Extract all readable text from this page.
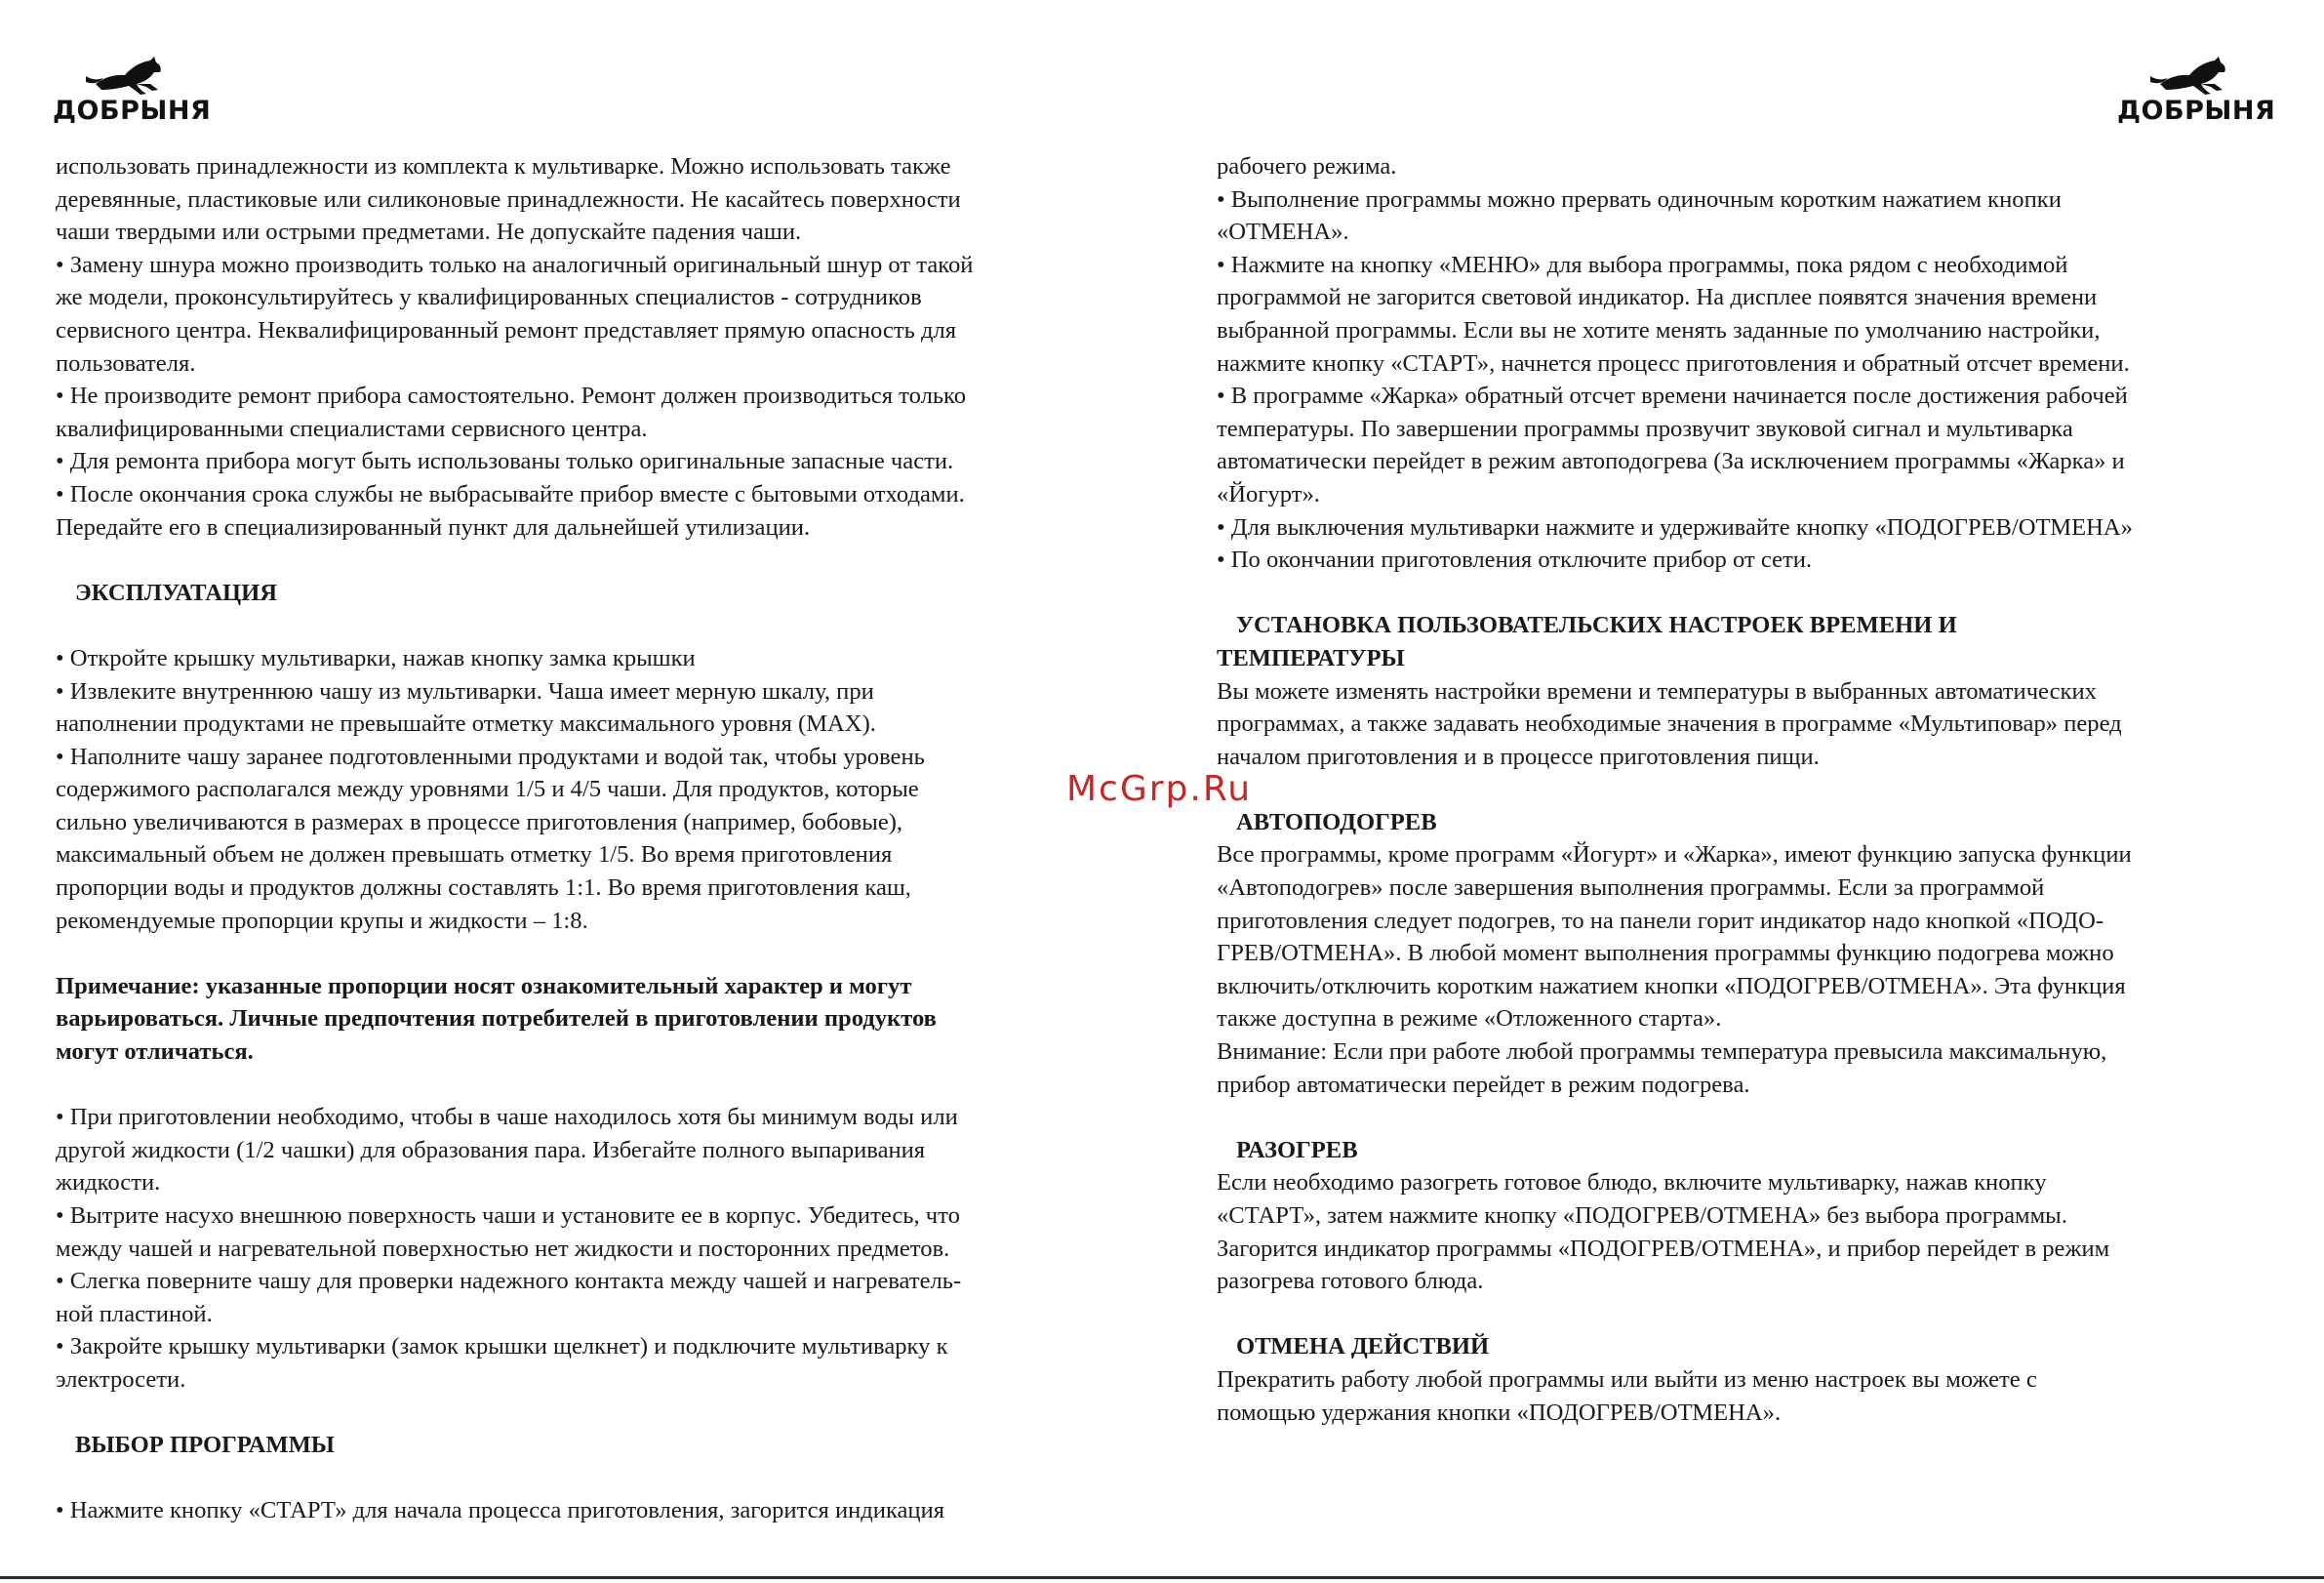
ДОБРЫНЯ	ДОБРЫНЯ
McGrp.Ru
использовать принадлежности из комплекта к мультиварке. Можно использовать также
деревянные, пластиковые или силиконовые принадлежности. Не касайтесь поверхности
чаши твердыми или острыми предметами. Не допускайте падения чаши.
• Замену шнура можно производить только на аналогичный оригинальный шнур от такой
же модели, проконсультируйтесь у квалифицированных специалистов - сотрудников
сервисного центра. Неквалифицированный ремонт представляет прямую опасность для
пользователя.
• Не производите ремонт прибора самостоятельно. Ремонт должен производиться только
квалифицированными специалистами сервисного центра.
• Для ремонта прибора могут быть использованы только оригинальные запасные части.
• После окончания срока службы не выбрасывайте прибор вместе с бытовыми отходами.
Передайте его в специализированный пункт для дальнейшей утилизации.
ЭКСПЛУАТАЦИЯ
• Откройте крышку мультиварки, нажав кнопку замка крышки
• Извлеките внутреннюю чашу из мультиварки. Чаша имеет мерную шкалу, при
наполнении продуктами не превышайте отметку максимального уровня (MAX).
• Наполните чашу заранее подготовленными продуктами и водой так, чтобы уровень
содержимого располагался между уровнями 1/5 и 4/5 чаши. Для продуктов, которые
сильно увеличиваются в размерах в процессе приготовления (например, бобовые),
максимальный объем не должен превышать отметку 1/5. Во время приготовления
пропорции воды и продуктов должны составлять 1:1. Во время приготовления каш,
рекомендуемые пропорции крупы и жидкости – 1:8.
Примечание: указанные пропорции носят ознакомительный характер и могут
варьироваться. Личные предпочтения потребителей в приготовлении продуктов
могут отличаться.
• При приготовлении необходимо, чтобы в чаше находилось хотя бы минимум воды или
другой жидкости (1/2 чашки) для образования пара. Избегайте полного выпаривания
жидкости.
• Вытрите насухо внешнюю поверхность чаши и установите ее в корпус. Убедитесь, что
между чашей и нагревательной поверхностью нет жидкости и посторонних предметов.
• Слегка поверните чашу для проверки надежного контакта между чашей и нагреватель-
ной пластиной.
• Закройте крышку мультиварки (замок крышки щелкнет) и подключите мультиварку к
электросети.
ВЫБОР ПРОГРАММЫ
• Нажмите кнопку «СТАРТ» для начала процесса приготовления, загорится индикация
рабочего режима.
• Выполнение программы можно прервать одиночным коротким нажатием кнопки
«ОТМЕНА».
• Нажмите на кнопку «МЕНЮ» для выбора программы, пока рядом с необходимой
программой не загорится световой индикатор. На дисплее появятся значения времени
выбранной программы. Если вы не хотите менять заданные по умолчанию настройки,
нажмите кнопку «СТАРТ», начнется процесс приготовления и обратный отсчет времени.
• В программе «Жарка» обратный отсчет времени начинается после достижения рабочей
температуры. По завершении программы прозвучит звуковой сигнал и мультиварка
автоматически перейдет в режим автоподогрева (За исключением программы «Жарка» и
«Йогурт».
• Для выключения мультиварки нажмите и удерживайте кнопку «ПОДОГРЕВ/ОТМЕНА»
• По окончании приготовления отключите прибор от сети.
УСТАНОВКА ПОЛЬЗОВАТЕЛЬСКИХ НАСТРОЕК ВРЕМЕНИ И
ТЕМПЕРАТУРЫ
Вы можете изменять настройки времени и температуры в выбранных автоматических
программах, а также задавать необходимые значения в программе «Мультиповар» перед
началом приготовления и в процессе приготовления пищи.
АВТОПОДОГРЕВ
Все программы, кроме программ «Йогурт» и «Жарка», имеют функцию запуска функции
«Автоподогрев» после завершения выполнения программы. Если за программой
приготовления следует подогрев, то на панели горит индикатор надо кнопкой «ПОДО-
ГРЕВ/ОТМЕНА». В любой момент выполнения программы функцию подогрева можно
включить/отключить коротким нажатием кнопки «ПОДОГРЕВ/ОТМЕНА». Эта функция
также доступна в режиме «Отложенного старта».
Внимание: Если при работе любой программы температура превысила максимальную,
прибор автоматически перейдет в режим подогрева.
РАЗОГРЕВ
Если необходимо разогреть готовое блюдо, включите мультиварку, нажав кнопку
«СТАРТ», затем нажмите кнопку «ПОДОГРЕВ/ОТМЕНА» без выбора программы.
Загорится индикатор программы «ПОДОГРЕВ/ОТМЕНА», и прибор перейдет в режим
разогрева готового блюда.
ОТМЕНА ДЕЙСТВИЙ
Прекратить работу любой программы или выйти из меню настроек вы можете с
помощью удержания кнопки «ПОДОГРЕВ/ОТМЕНА».
